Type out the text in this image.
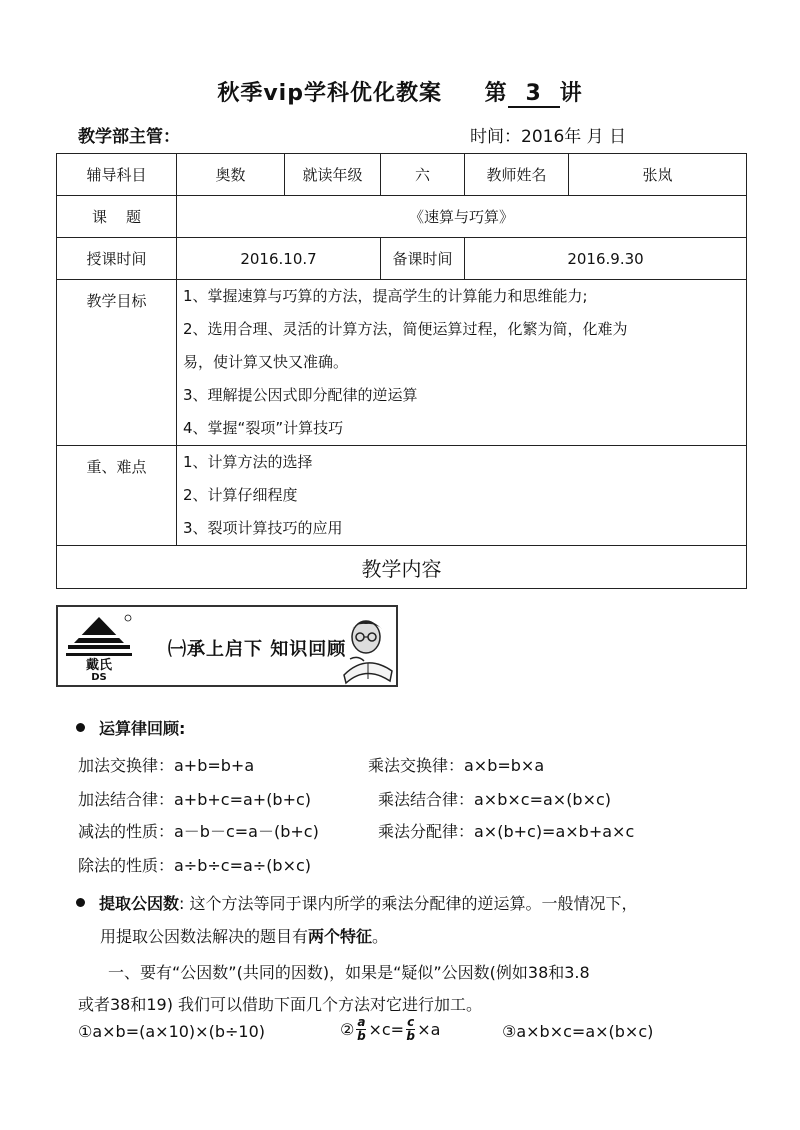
秋季vip学科优化教案 第 3 讲
教学部主管：	时间：2016年 月 日
辅导科目	奥数	就读年级	六	教师姓名	张岚
课    题	《速算与巧算》				
授课时间	2016.10.7		备课时间	2016.9.30	
教学目标	1、掌握速算与巧算的方法，提高学生的计算能力和思维能力;
2、选用合理、灵活的计算方法，简便运算过程，化繁为简，化难为
易，使计算又快又准确。
3、理解提公因式即分配律的逆运算
4、掌握“裂项”计算技巧				

重、难点	1、计算方法的选择
2、计算仔细程度
3、裂项计算技巧的应用				

教学内容					
戴氏
DS
㈠承上启下 知识回顾
运算律回顾:
加法交换律：a+b=b+a	乘法交换律：a×b=b×a
加法结合律：a+b+c=a+(b+c)	乘法结合律：a×b×c=a×(b×c)
减法的性质：a－b－c=a－(b+c)	乘法分配律：a×(b+c)=a×b+a×c
除法的性质：a÷b÷c=a÷(b×c)
提取公因数: 这个方法等同于课内所学的乘法分配律的逆运算。一般情况下，
用提取公因数法解决的题目有两个特征。
一、要有“公因数”(共同的因数)，如果是“疑似”公因数(例如38和3.8
或者38和19) 我们可以借助下面几个方法对它进行加工。
①a×b=(a×10)×(b÷10)	② $\frac{a}{b} \times c= \frac{c}{b} \times a$	③a×b×c=a×(b×c)
